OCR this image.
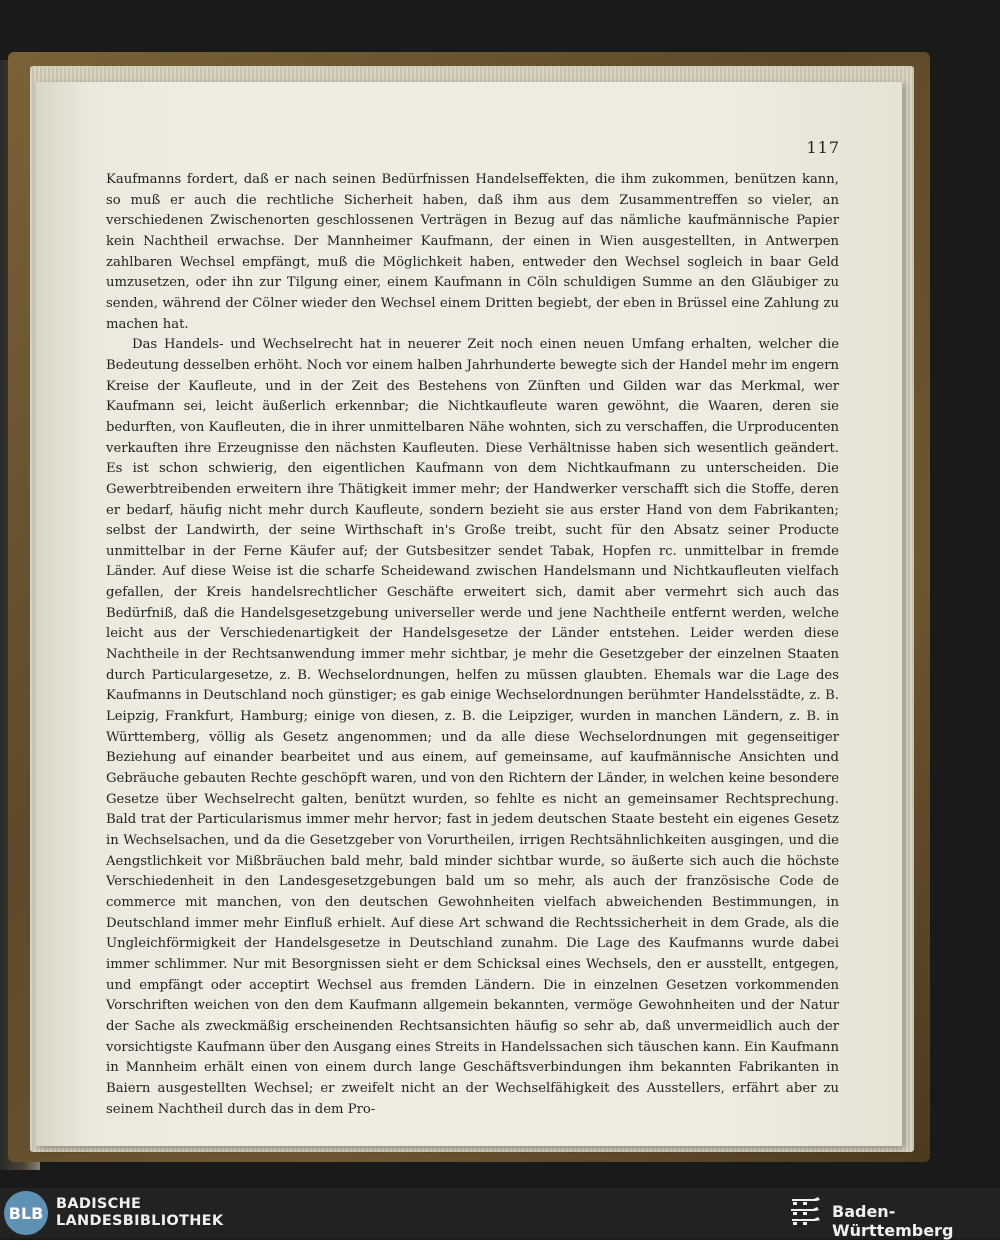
117

Kaufmanns fordert, daß er nach seinen Bedürfnissen Handelseffekten, die ihm zukommen, benützen kann, so muß er auch die rechtliche Sicherheit haben, daß ihm aus dem Zusammentreffen so vieler, an verschiedenen Zwischenorten geschlossenen Verträgen in Bezug auf das nämliche kaufmännische Papier kein Nachtheil erwachse. Der Mannheimer Kaufmann, der einen in Wien ausgestellten, in Antwerpen zahlbaren Wechsel empfängt, muß die Möglichkeit haben, entweder den Wechsel sogleich in baar Geld umzusetzen, oder ihn zur Tilgung einer, einem Kaufmann in Cöln schuldigen Summe an den Gläubiger zu senden, während der Cölner wieder den Wechsel einem Dritten begiebt, der eben in Brüssel eine Zahlung zu machen hat.

Das Handels- und Wechselrecht hat in neuerer Zeit noch einen neuen Umfang erhalten, welcher die Bedeutung desselben erhöht. Noch vor einem halben Jahrhunderte bewegte sich der Handel mehr im engern Kreise der Kaufleute, und in der Zeit des Bestehens von Zünften und Gilden war das Merkmal, wer Kaufmann sei, leicht äußerlich erkennbar; die Nichtkaufleute waren gewöhnt, die Waaren, deren sie bedurften, von Kaufleuten, die in ihrer unmittelbaren Nähe wohnten, sich zu verschaffen, die Urproducenten verkauften ihre Erzeugnisse den nächsten Kaufleuten. Diese Verhältnisse haben sich wesentlich geändert. Es ist schon schwierig, den eigentlichen Kaufmann von dem Nichtkaufmann zu unterscheiden. Die Gewerbtreibenden erweitern ihre Thätigkeit immer mehr; der Handwerker verschafft sich die Stoffe, deren er bedarf, häufig nicht mehr durch Kaufleute, sondern bezieht sie aus erster Hand von dem Fabrikanten; selbst der Landwirth, der seine Wirthschaft in's Große treibt, sucht für den Absatz seiner Producte unmittelbar in der Ferne Käufer auf; der Gutsbesitzer sendet Tabak, Hopfen rc. unmittelbar in fremde Länder. Auf diese Weise ist die scharfe Scheidewand zwischen Handelsmann und Nichtkaufleuten vielfach gefallen, der Kreis handelsrechtlicher Geschäfte erweitert sich, damit aber vermehrt sich auch das Bedürfniß, daß die Handelsgesetzgebung universeller werde und jene Nachtheile entfernt werden, welche leicht aus der Verschiedenartigkeit der Handelsgesetze der Länder entstehen. Leider werden diese Nachtheile in der Rechtsanwendung immer mehr sichtbar, je mehr die Gesetzgeber der einzelnen Staaten durch Particulargesetze, z. B. Wechselordnungen, helfen zu müssen glaubten. Ehemals war die Lage des Kaufmanns in Deutschland noch günstiger; es gab einige Wechselordnungen berühmter Handelsstädte, z. B. Leipzig, Frankfurt, Hamburg; einige von diesen, z. B. die Leipziger, wurden in manchen Ländern, z. B. in Württemberg, völlig als Gesetz angenommen; und da alle diese Wechselordnungen mit gegenseitiger Beziehung auf einander bearbeitet und aus einem, auf gemeinsame, auf kaufmännische Ansichten und Gebräuche gebauten Rechte geschöpft waren, und von den Richtern der Länder, in welchen keine besondere Gesetze über Wechselrecht galten, benützt wurden, so fehlte es nicht an gemeinsamer Rechtsprechung. Bald trat der Particularismus immer mehr hervor; fast in jedem deutschen Staate besteht ein eigenes Gesetz in Wechselsachen, und da die Gesetzgeber von Vorurtheilen, irrigen Rechtsähnlichkeiten ausgingen, und die Aengstlichkeit vor Mißbräuchen bald mehr, bald minder sichtbar wurde, so äußerte sich auch die höchste Verschiedenheit in den Landesgesetzgebungen bald um so mehr, als auch der französische Code de commerce mit manchen, von den deutschen Gewohnheiten vielfach abweichenden Bestimmungen, in Deutschland immer mehr Einfluß erhielt. Auf diese Art schwand die Rechtssicherheit in dem Grade, als die Ungleichförmigkeit der Handelsgesetze in Deutschland zunahm. Die Lage des Kaufmanns wurde dabei immer schlimmer. Nur mit Besorgnissen sieht er dem Schicksal eines Wechsels, den er ausstellt, entgegen, und empfängt oder acceptirt Wechsel aus fremden Ländern. Die in einzelnen Gesetzen vorkommenden Vorschriften weichen von den dem Kaufmann allgemein bekannten, vermöge Gewohnheiten und der Natur der Sache als zweckmäßig erscheinenden Rechtsansichten häufig so sehr ab, daß unvermeidlich auch der vorsichtigste Kaufmann über den Ausgang eines Streits in Handelssachen sich täuschen kann. Ein Kaufmann in Mannheim erhält einen von einem durch lange Geschäftsverbindungen ihm bekannten Fabrikanten in Baiern ausgestellten Wechsel; er zweifelt nicht an der Wechselfähigkeit des Ausstellers, erfährt aber zu seinem Nachtheil durch das in dem Pro-

BLB BADISCHE
LANDESBIBLIOTHEK	Baden-Württemberg
